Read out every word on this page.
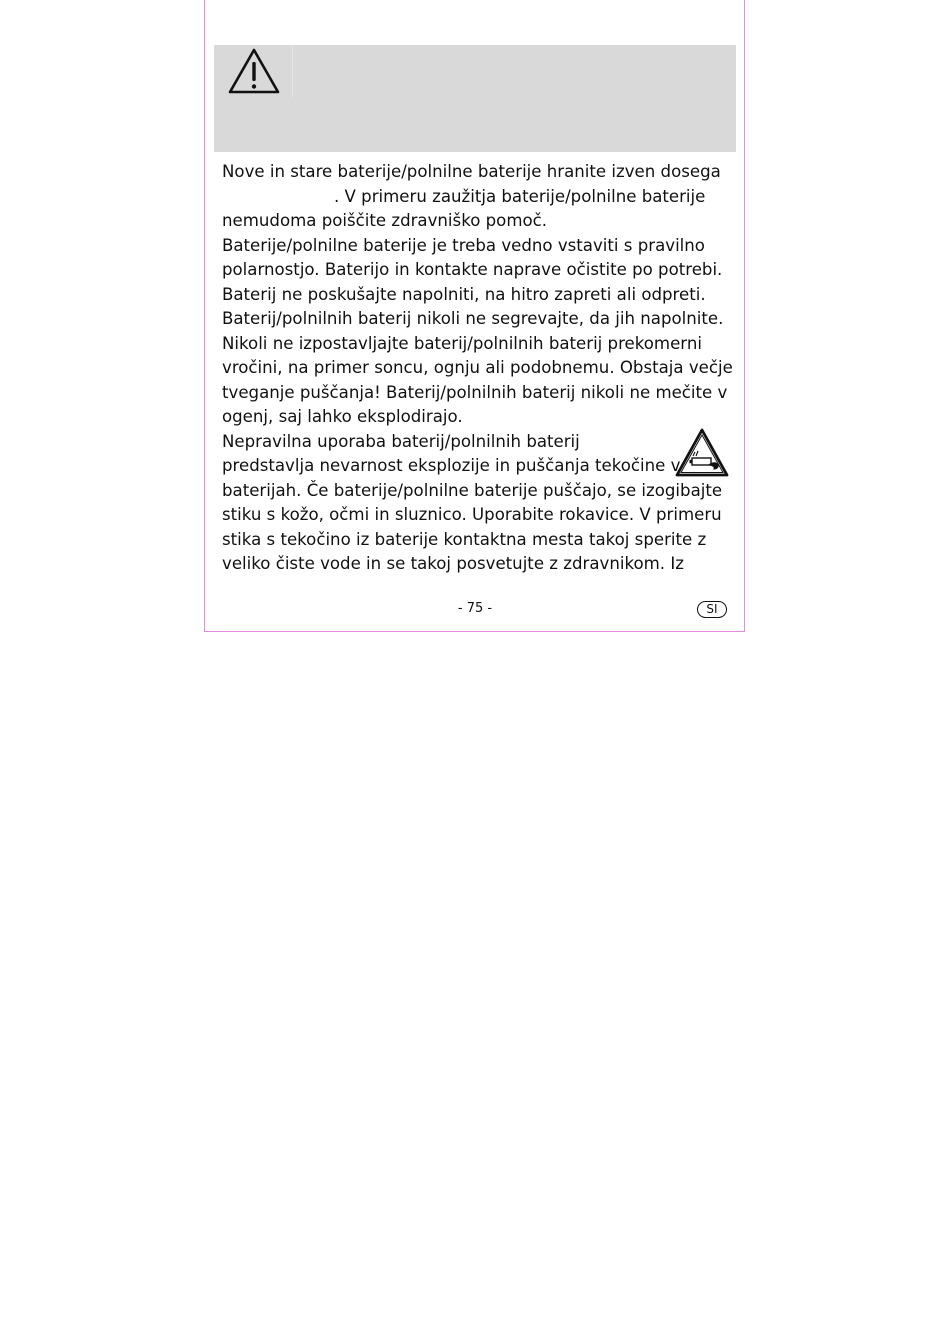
Nove in stare baterije/polnilne baterije hranite izven dosega
. V primeru zaužitja baterije/polnilne baterije
nemudoma poiščite zdravniško pomoč.
Baterije/polnilne baterije je treba vedno vstaviti s pravilno
polarnostjo. Baterijo in kontakte naprave očistite po potrebi.
Baterij ne poskušajte napolniti, na hitro zapreti ali odpreti.
Baterij/polnilnih baterij nikoli ne segrevajte, da jih napolnite.
Nikoli ne izpostavljajte baterij/polnilnih baterij prekomerni
vročini, na primer soncu, ognju ali podobnemu. Obstaja večje
tveganje puščanja! Baterij/polnilnih baterij nikoli ne mečite v
ogenj, saj lahko eksplodirajo.
Nepravilna uporaba baterij/polnilnih baterij
predstavlja nevarnost eksplozije in puščanja tekočine v
baterijah. Če baterije/polnilne baterije puščajo, se izogibajte
stiku s kožo, očmi in sluznico. Uporabite rokavice. V primeru
stika s tekočino iz baterije kontaktna mesta takoj sperite z
veliko čiste vode in se takoj posvetujte z zdravnikom. Iz
- 75 -	SI
